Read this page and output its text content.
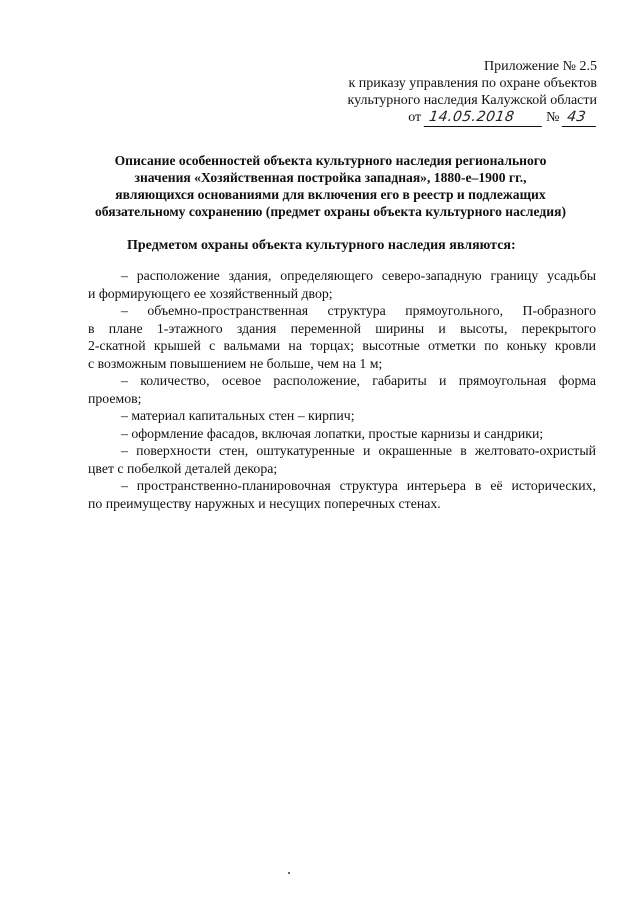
Приложение № 2.5
к приказу управления по охране объектов
культурного наследия Калужской области
от 14.05.2018 № 43
Описание особенностей объекта культурного наследия регионального
значения «Хозяйственная постройка западная», 1880-е–1900 гг.,
являющихся основаниями для включения его в реестр и подлежащих
обязательному сохранению (предмет охраны объекта культурного наследия)
Предметом охраны объекта культурного наследия являются:
– расположение здания, определяющего северо-западную границу усадьбы
и формирующего ее хозяйственный двор;
– объемно-пространственная структура прямоугольного, П-образного
в плане 1-этажного здания переменной ширины и высоты, перекрытого
2-скатной крышей с вальмами на торцах; высотные отметки по коньку кровли
с возможным повышением не больше, чем на 1 м;
– количество, осевое расположение, габариты и прямоугольная форма
проемов;
– материал капитальных стен – кирпич;
– оформление фасадов, включая лопатки, простые карнизы и сандрики;
– поверхности стен, оштукатуренные и окрашенные в желтовато-охристый
цвет с побелкой деталей декора;
– пространственно-планировочная структура интерьера в её исторических,
по преимуществу наружных и несущих поперечных стенах.
